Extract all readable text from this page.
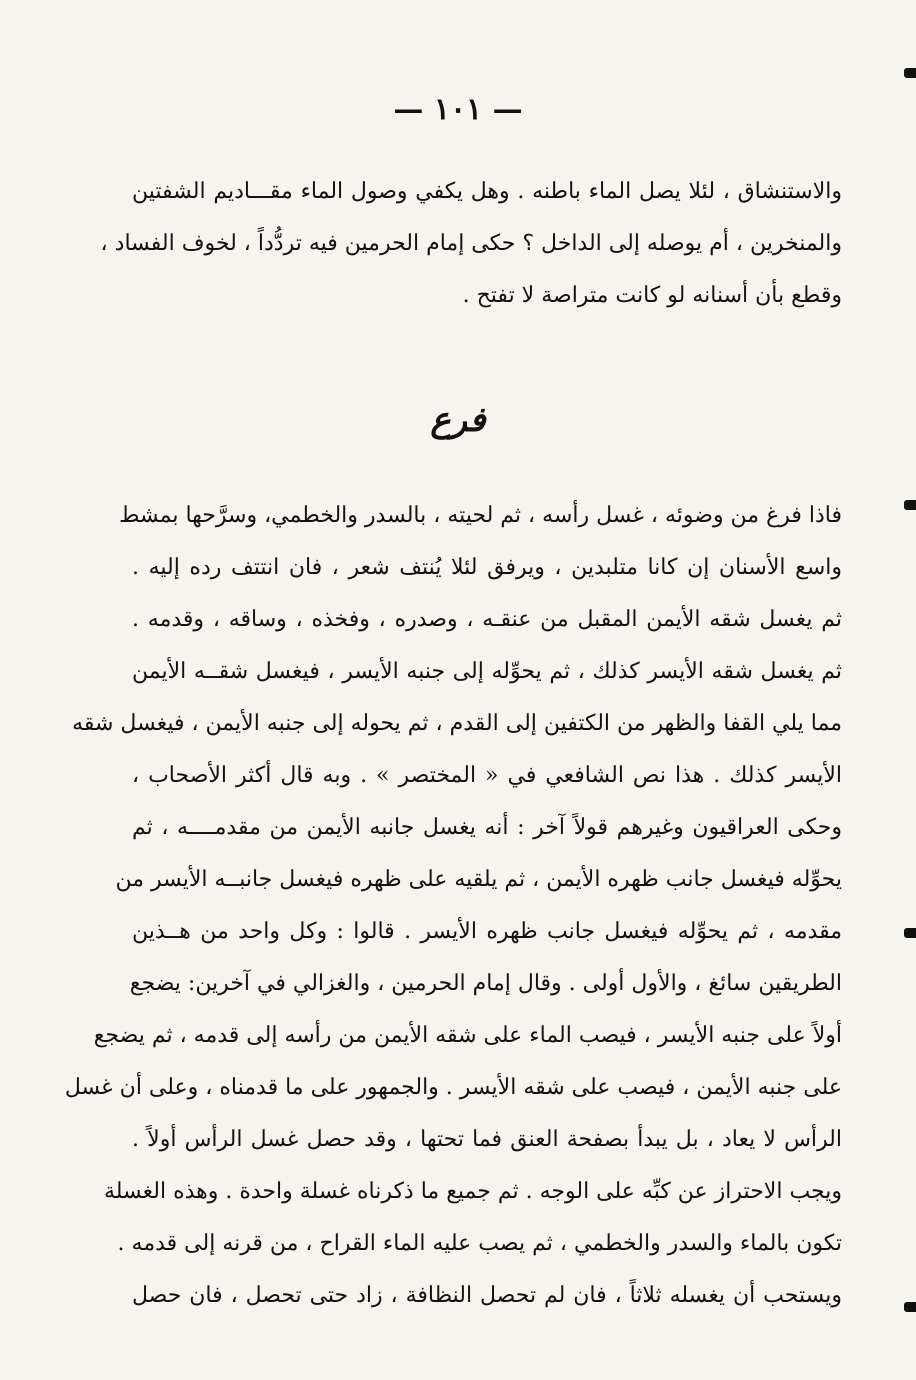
— ١٠١ —
والاستنشاق ، لئلا يصل الماء باطنه . وهل يكفي وصول الماء مقـــاديم الشفتين
والمنخرين ، أم يوصله إلى الداخل ؟ حكى إمام الحرمين فيه تردُّداً ، لخوف الفساد ،
وقطع بأن أسنانه لو كانت متراصة لا تفتح .
فرع
فاذا فرغ من وضوئه ، غسل رأسه ، ثم لحيته ، بالسدر والخطمي، وسرَّحها بمشط
واسع الأسنان إن كانا متلبدين ، ويرفق لئلا يُنتف شعر ، فان انتتف رده إليه .
ثم يغسل شقه الأيمن المقبل من عنقـه ، وصدره ، وفخذه ، وساقه ، وقدمه .
ثم يغسل شقه الأيسر كذلك ، ثم يحوِّله إلى جنبه الأيسر ، فيغسل شقــه الأيمن
مما يلي القفا والظهر من الكتفين إلى القدم ، ثم يحوله إلى جنبه الأيمن ، فيغسل شقه
الأيسر كذلك . هذا نص الشافعي في « المختصر » . وبه قال أكثر الأصحاب ،
وحكى العراقيون وغيرهم قولاً آخر : أنه يغسل جانبه الأيمن من مقدمــــه ، ثم
يحوِّله فيغسل جانب ظهره الأيمن ، ثم يلقيه على ظهره فيغسل جانبــه الأيسر من
مقدمه ، ثم يحوِّله فيغسل جانب ظهره الأيسر . قالوا : وكل واحد من هــذين
الطريقين سائغ ، والأول أولى . وقال إمام الحرمين ، والغزالي في آخرين: يضجع
أولاً على جنبه الأيسر ، فيصب الماء على شقه الأيمن من رأسه إلى قدمه ، ثم يضجع
على جنبه الأيمن ، فيصب على شقه الأيسر . والجمهور على ما قدمناه ، وعلى أن غسل
الرأس لا يعاد ، بل يبدأ بصفحة العنق فما تحتها ، وقد حصل غسل الرأس أولاً .
ويجب الاحتراز عن كبِّه على الوجه . ثم جميع ما ذكرناه غسلة واحدة . وهذه الغسلة
تكون بالماء والسدر والخطمي ، ثم يصب عليه الماء القراح ، من قرنه إلى قدمه .
ويستحب أن يغسله ثلاثاً ، فان لم تحصل النظافة ، زاد حتى تحصل ، فان حصل
